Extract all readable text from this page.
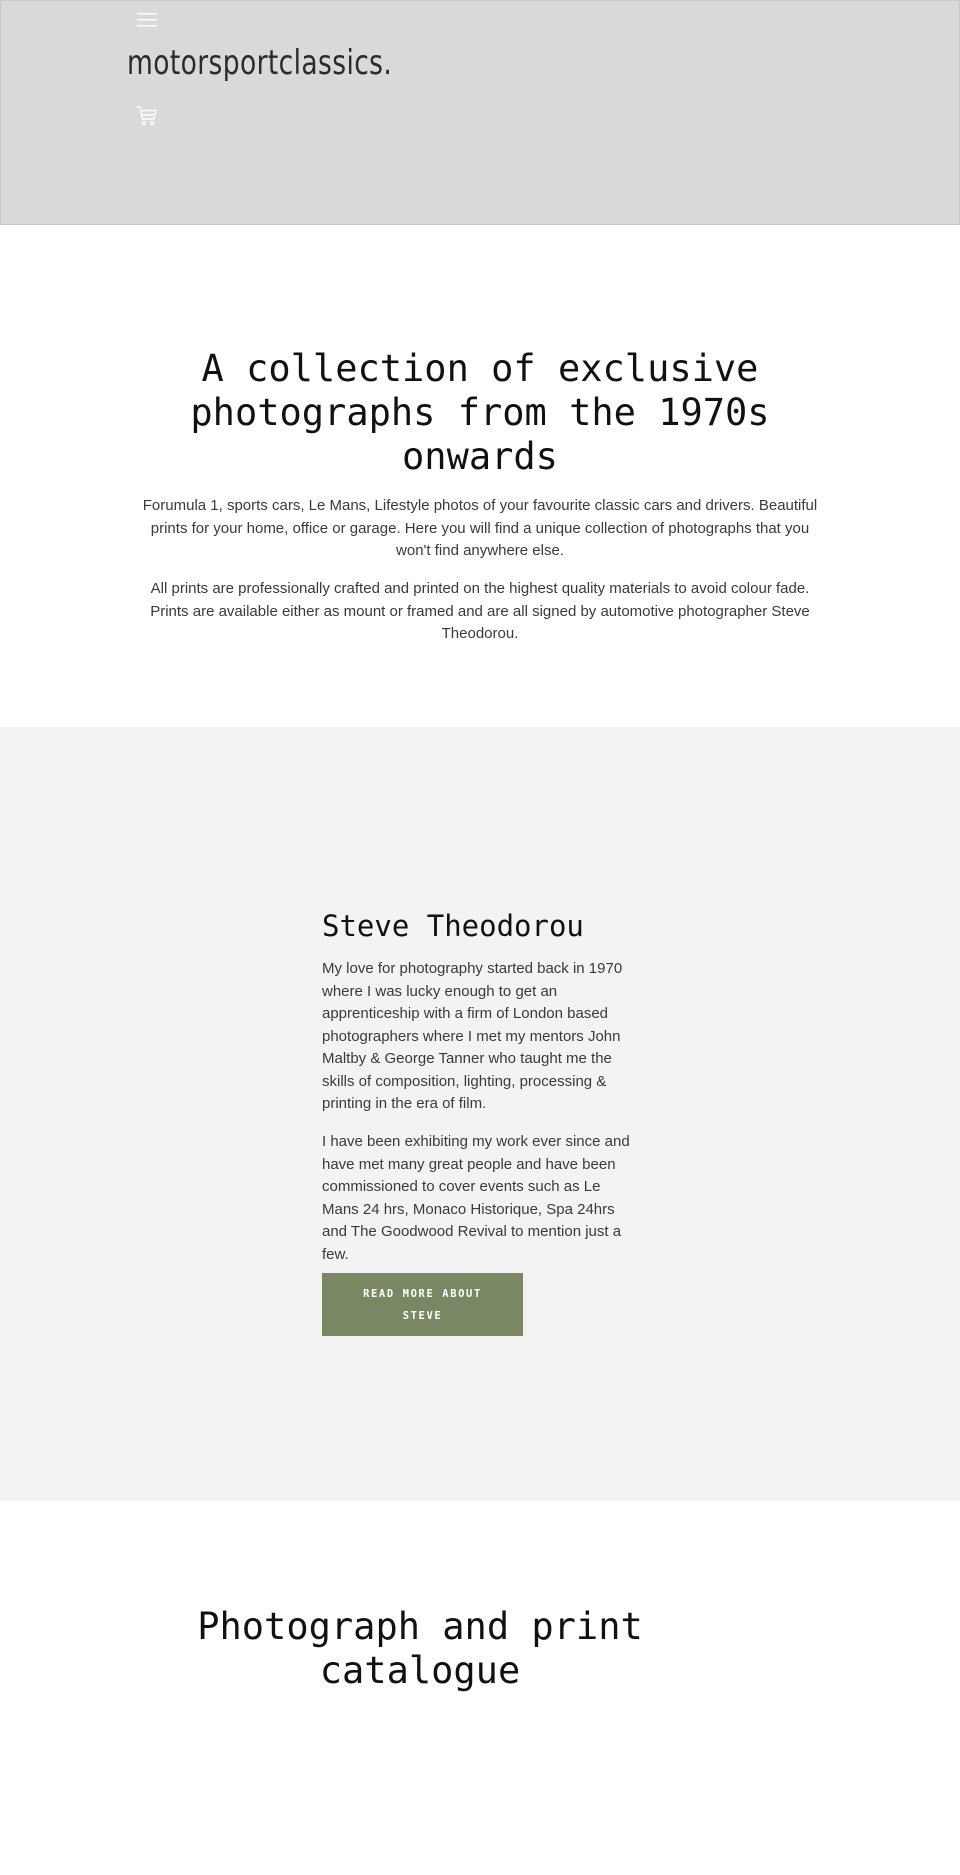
motorsportclassics.
A collection of exclusive photographs from the 1970s onwards

Forumula 1, sports cars, Le Mans, Lifestyle photos of your favourite classic cars and drivers. Beautiful prints for your home, office or garage. Here you will find a unique collection of photographs that you won't find anywhere else.

All prints are professionally crafted and printed on the highest quality materials to avoid colour fade. Prints are available either as mount or framed and are all signed by automotive photographer Steve Theodorou.

Steve Theodorou

My love for photography started back in 1970 where I was lucky enough to get an apprenticeship with a firm of London based photographers where I met my mentors John Maltby & George Tanner who taught me the skills of composition, lighting, processing & printing in the era of film.

I have been exhibiting my work ever since and have met many great people and have been commissioned to cover events such as Le Mans 24 hrs, Monaco Historique, Spa 24hrs and The Goodwood Revival to mention just a few.

READ MORE ABOUT STEVE
Photograph and print catalogue
